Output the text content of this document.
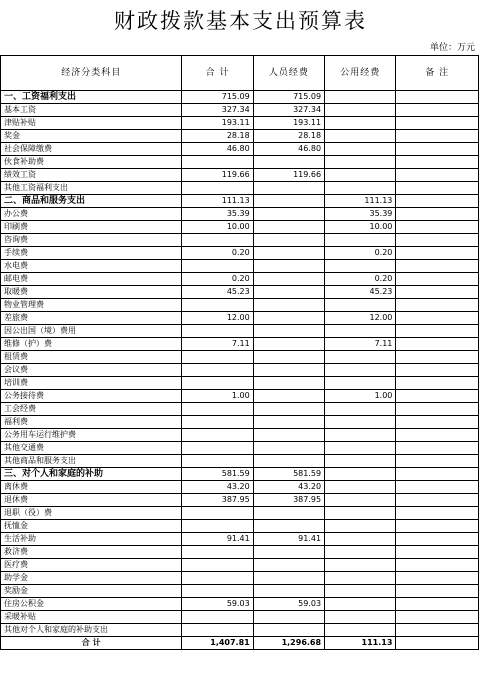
财政拨款基本支出预算表
单位：万元
经济分类科目	合 计	人员经费	公用经费	备 注
一、工资福利支出	715.09	715.09		
基本工资	327.34	327.34		
津贴补贴	193.11	193.11		
奖金	28.18	28.18		
社会保障缴费	46.80	46.80		
伙食补助费				
绩效工资	119.66	119.66		
其他工资福利支出				
二、商品和服务支出	111.13		111.13	
办公费	35.39		35.39	
印刷费	10.00		10.00	
咨询费				
手续费	0.20		0.20	
水电费				
邮电费	0.20		0.20	
取暖费	45.23		45.23	
物业管理费				
差旅费	12.00		12.00	
因公出国（境）费用				
维修（护）费	7.11		7.11	
租赁费				
会议费				
培训费				
公务接待费	1.00		1.00	
工会经费				
福利费				
公务用车运行维护费				
其他交通费				
其他商品和服务支出				
三、对个人和家庭的补助	581.59	581.59		
离休费	43.20	43.20		
退休费	387.95	387.95		
退职（役）费				
抚恤金				
生活补助	91.41	91.41		
救济费				
医疗费				
助学金				
奖励金				
住房公积金	59.03	59.03		
采暖补贴				
其他对个人和家庭的补助支出				
合 计	1,407.81	1,296.68	111.13	
